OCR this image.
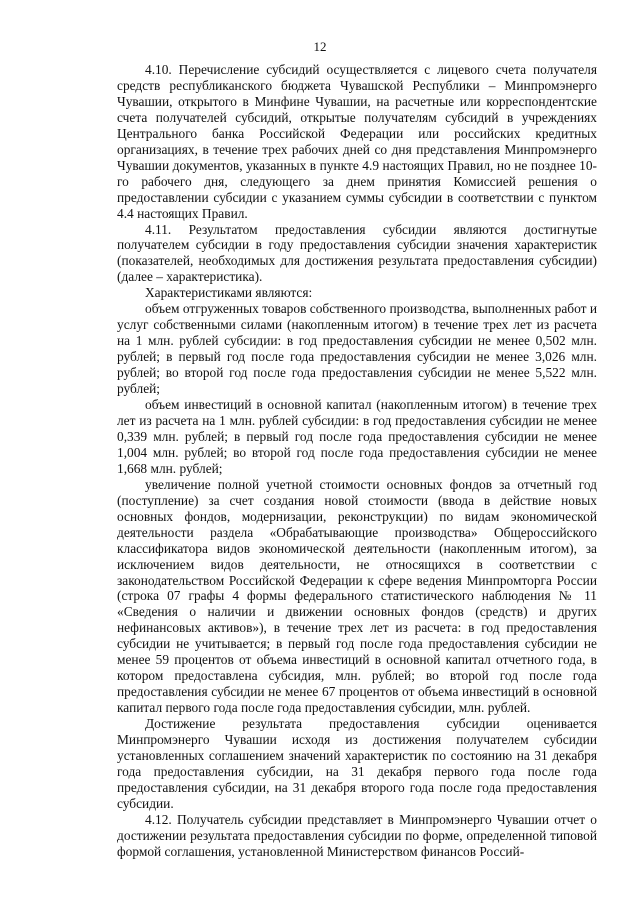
12

4.10. Перечисление субсидий осуществляется с лицевого счета получателя средств республиканского бюджета Чувашской Республики – Минпромэнерго Чувашии, открытого в Минфине Чувашии, на расчетные или корреспондентские счета получателей субсидий, открытые получателям субсидий в учреждениях Центрального банка Российской Федерации или российских кредитных организациях, в течение трех рабочих дней со дня представления Минпромэнерго Чувашии документов, указанных в пункте 4.9 настоящих Правил, но не позднее 10-го рабочего дня, следующего за днем принятия Комиссией решения о предоставлении субсидии с указанием суммы субсидии в соответствии с пунктом 4.4 настоящих Правил.

4.11. Результатом предоставления субсидии являются достигнутые получателем субсидии в году предоставления субсидии значения характеристик (показателей, необходимых для достижения результата предоставления субсидии) (далее – характеристика).

Характеристиками являются:

объем отгруженных товаров собственного производства, выполненных работ и услуг собственными силами (накопленным итогом) в течение трех лет из расчета на 1 млн. рублей субсидии: в год предоставления субсидии не менее 0,502 млн. рублей; в первый год после года предоставления субсидии не менее 3,026 млн. рублей; во второй год после года предоставления субсидии не менее 5,522 млн. рублей;

объем инвестиций в основной капитал (накопленным итогом) в течение трех лет из расчета на 1 млн. рублей субсидии: в год предоставления субсидии не менее 0,339 млн. рублей; в первый год после года предоставления субсидии не менее 1,004 млн. рублей; во второй год после года предоставления субсидии не менее 1,668 млн. рублей;

увеличение полной учетной стоимости основных фондов за отчетный год (поступление) за счет создания новой стоимости (ввода в действие новых основных фондов, модернизации, реконструкции) по видам экономической деятельности раздела «Обрабатывающие производства» Общероссийского классификатора видов экономической деятельности (накопленным итогом), за исключением видов деятельности, не относящихся в соответствии с законодательством Российской Федерации к сфере ведения Минпромторга России (строка 07 графы 4 формы федерального статистического наблюдения № 11 «Сведения о наличии и движении основных фондов (средств) и других нефинансовых активов»), в течение трех лет из расчета: в год предоставления субсидии не учитывается; в первый год после года предоставления субсидии не менее 59 процентов от объема инвестиций в основной капитал отчетного года, в котором предоставлена субсидия, млн. рублей; во второй год после года предоставления субсидии не менее 67 процентов от объема инвестиций в основной капитал первого года после года предоставления субсидии, млн. рублей.

Достижение результата предоставления субсидии оценивается Минпромэнерго Чувашии исходя из достижения получателем субсидии установленных соглашением значений характеристик по состоянию на 31 декабря года предоставления субсидии, на 31 декабря первого года после года предоставления субсидии, на 31 декабря второго года после года предоставления субсидии.

4.12. Получатель субсидии представляет в Минпромэнерго Чувашии отчет о достижении результата предоставления субсидии по форме, определенной типовой формой соглашения, установленной Министерством финансов Россий-
